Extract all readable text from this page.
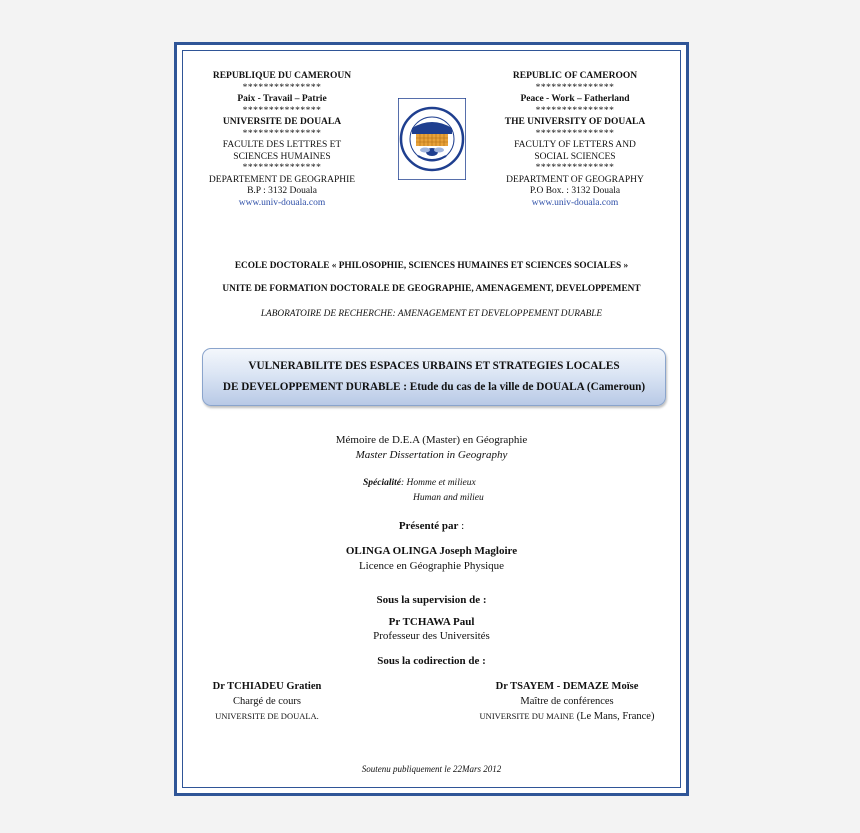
REPUBLIQUE DU CAMEROUN
***************
Paix - Travail – Patrie
***************
UNIVERSITE DE DOUALA
***************
FACULTE DES LETTRES ET SCIENCES HUMAINES
***************
DEPARTEMENT DE GEOGRAPHIE
B.P : 3132 Douala
www.univ-douala.com
REPUBLIC OF CAMEROON
***************
Peace - Work – Fatherland
***************
THE UNIVERSITY OF DOUALA
***************
FACULTY OF LETTERS AND SOCIAL SCIENCES
***************
DEPARTMENT OF GEOGRAPHY
P.O Box. : 3132 Douala
www.univ-douala.com
ECOLE DOCTORALE « PHILOSOPHIE, SCIENCES HUMAINES ET SCIENCES SOCIALES »
UNITE DE FORMATION DOCTORALE DE GEOGRAPHIE, AMENAGEMENT, DEVELOPPEMENT
LABORATOIRE DE RECHERCHE: AMENAGEMENT ET DEVELOPPEMENT DURABLE
VULNERABILITE DES ESPACES URBAINS ET STRATEGIES LOCALES
DE DEVELOPPEMENT DURABLE : Etude du cas de la ville de DOUALA (Cameroun)
Mémoire de D.E.A (Master) en Géographie
Master Dissertation in Geography
Spécialité: Homme et milieux
Human and milieu
Présenté par :
OLINGA OLINGA Joseph Magloire
Licence en Géographie Physique
Sous la supervision de :
Pr TCHAWA Paul
Professeur des Universités
Sous la codirection de :
Dr TCHIADEU Gratien
Chargé de cours
UNIVERSITE DE DOUALA.
Dr TSAYEM - DEMAZE Moïse
Maître de conférences
UNIVERSITE DU MAINE (Le Mans, France)
Soutenu publiquement le 22Mars 2012
